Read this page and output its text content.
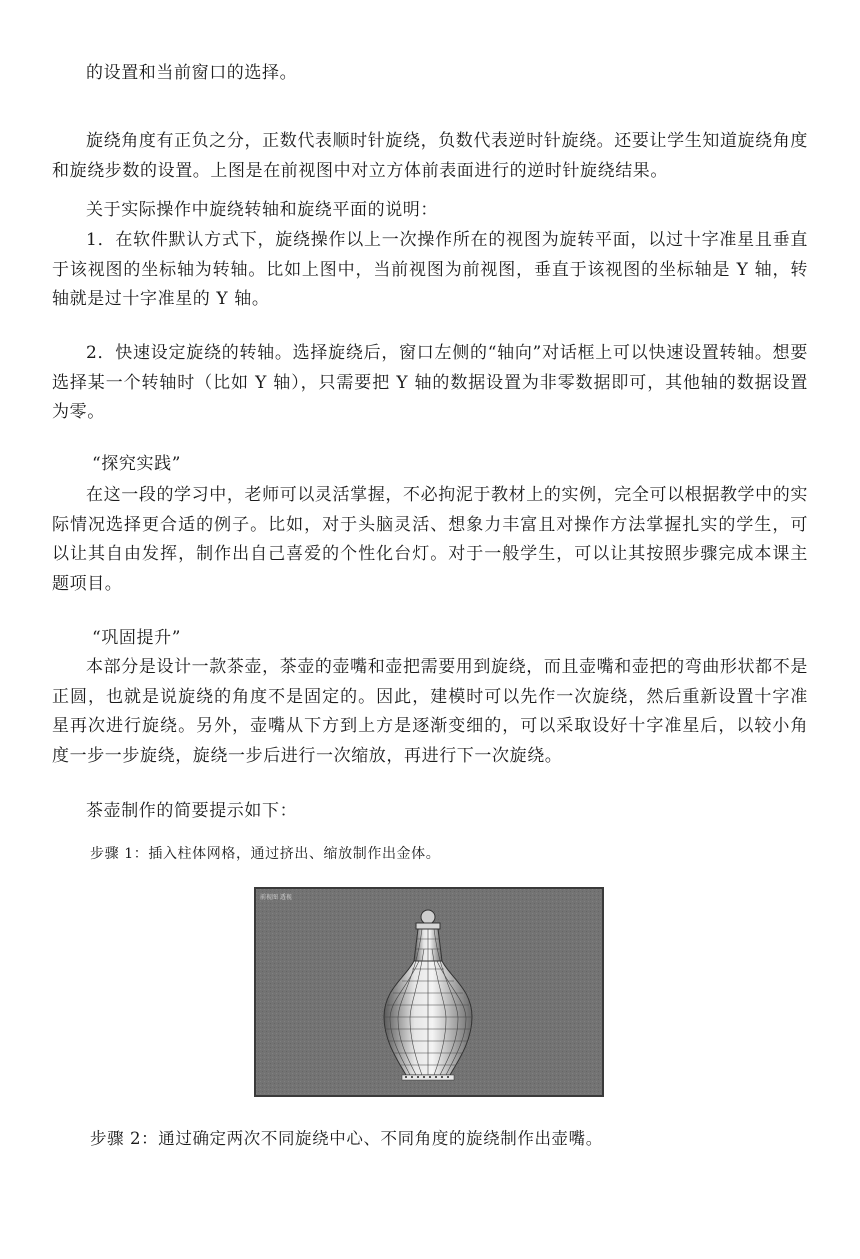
的设置和当前窗口的选择。

旋绕角度有正负之分，正数代表顺时针旋绕，负数代表逆时针旋绕。还要让学生知道旋绕角度和旋绕步数的设置。上图是在前视图中对立方体前表面进行的逆时针旋绕结果。

关于实际操作中旋绕转轴和旋绕平面的说明：

1．在软件默认方式下，旋绕操作以上一次操作所在的视图为旋转平面，以过十字准星且垂直于该视图的坐标轴为转轴。比如上图中，当前视图为前视图，垂直于该视图的坐标轴是 Y 轴，转轴就是过十字准星的 Y 轴。

2．快速设定旋绕的转轴。选择旋绕后，窗口左侧的“轴向”对话框上可以快速设置转轴。想要选择某一个转轴时（比如 Y 轴），只需要把 Y 轴的数据设置为非零数据即可，其他轴的数据设置为零。

“探究实践”

在这一段的学习中，老师可以灵活掌握，不必拘泥于教材上的实例，完全可以根据教学中的实际情况选择更合适的例子。比如，对于头脑灵活、想象力丰富且对操作方法掌握扎实的学生，可以让其自由发挥，制作出自己喜爱的个性化台灯。对于一般学生，可以让其按照步骤完成本课主题项目。

“巩固提升”

本部分是设计一款茶壶，茶壶的壶嘴和壶把需要用到旋绕，而且壶嘴和壶把的弯曲形状都不是正圆，也就是说旋绕的角度不是固定的。因此，建模时可以先作一次旋绕，然后重新设置十字准星再次进行旋绕。另外，壶嘴从下方到上方是逐渐变细的，可以采取设好十字准星后，以较小角度一步一步旋绕，旋绕一步后进行一次缩放，再进行下一次旋绕。

茶壶制作的简要提示如下：

步骤 1：插入柱体网格，通过挤出、缩放制作出金体。

前视图 透视

步骤 2：通过确定两次不同旋绕中心、不同角度的旋绕制作出壶嘴。
